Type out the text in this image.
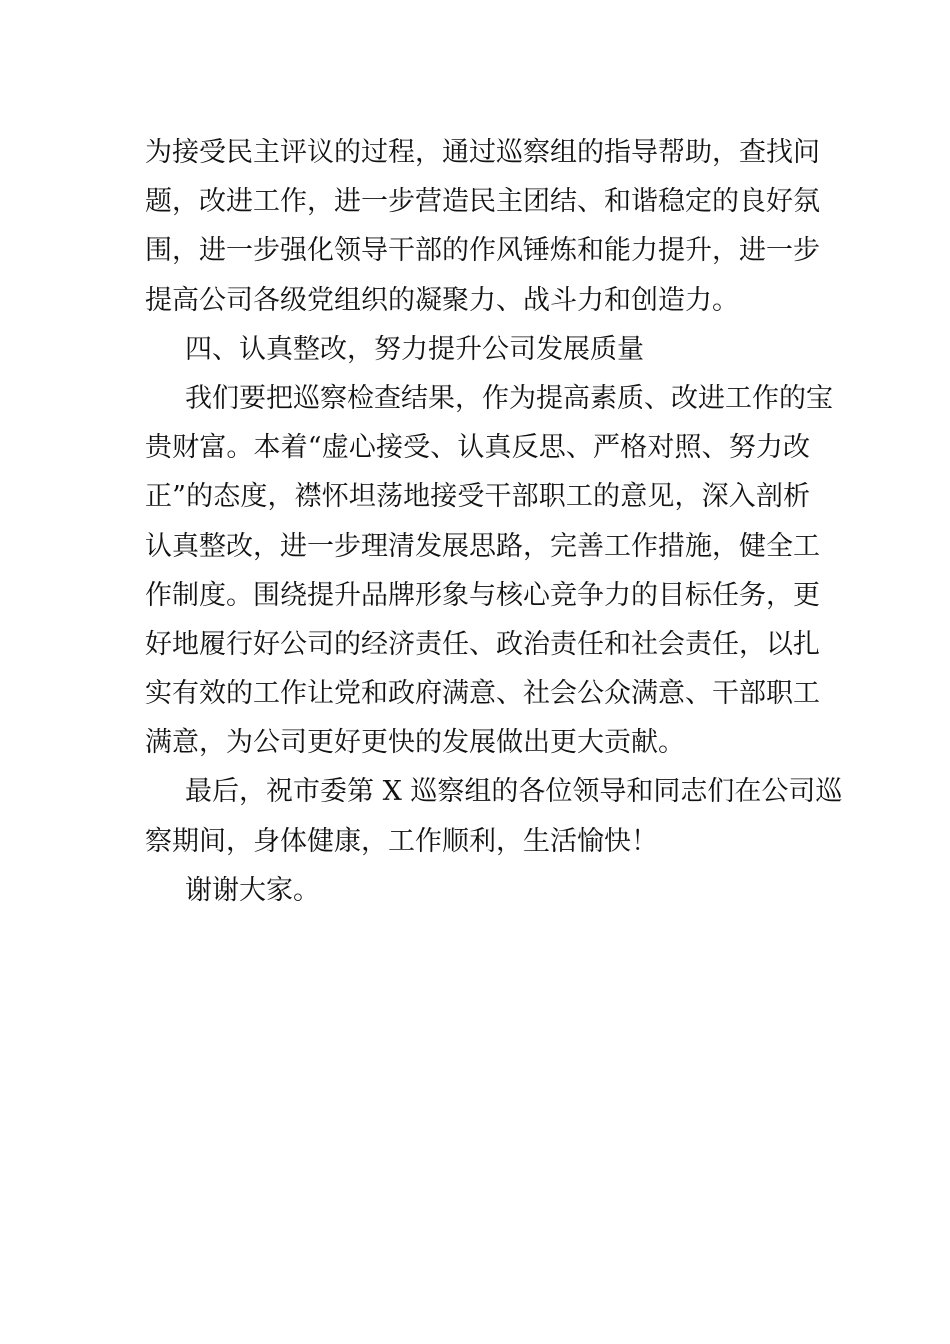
为接受民主评议的过程，通过巡察组的指导帮助，查找问
题，改进工作，进一步营造民主团结、和谐稳定的良好氛
围，进一步强化领导干部的作风锤炼和能力提升，进一步
提高公司各级党组织的凝聚力、战斗力和创造力。
四、认真整改，努力提升公司发展质量
我们要把巡察检查结果，作为提高素质、改进工作的宝
贵财富。本着“虚心接受、认真反思、严格对照、努力改
正”的态度，襟怀坦荡地接受干部职工的意见，深入剖析
认真整改，进一步理清发展思路，完善工作措施，健全工
作制度。围绕提升品牌形象与核心竞争力的目标任务，更
好地履行好公司的经济责任、政治责任和社会责任，以扎
实有效的工作让党和政府满意、社会公众满意、干部职工
满意，为公司更好更快的发展做出更大贡献。
最后，祝市委第 X 巡察组的各位领导和同志们在公司巡
察期间，身体健康，工作顺利，生活愉快！
谢谢大家。
